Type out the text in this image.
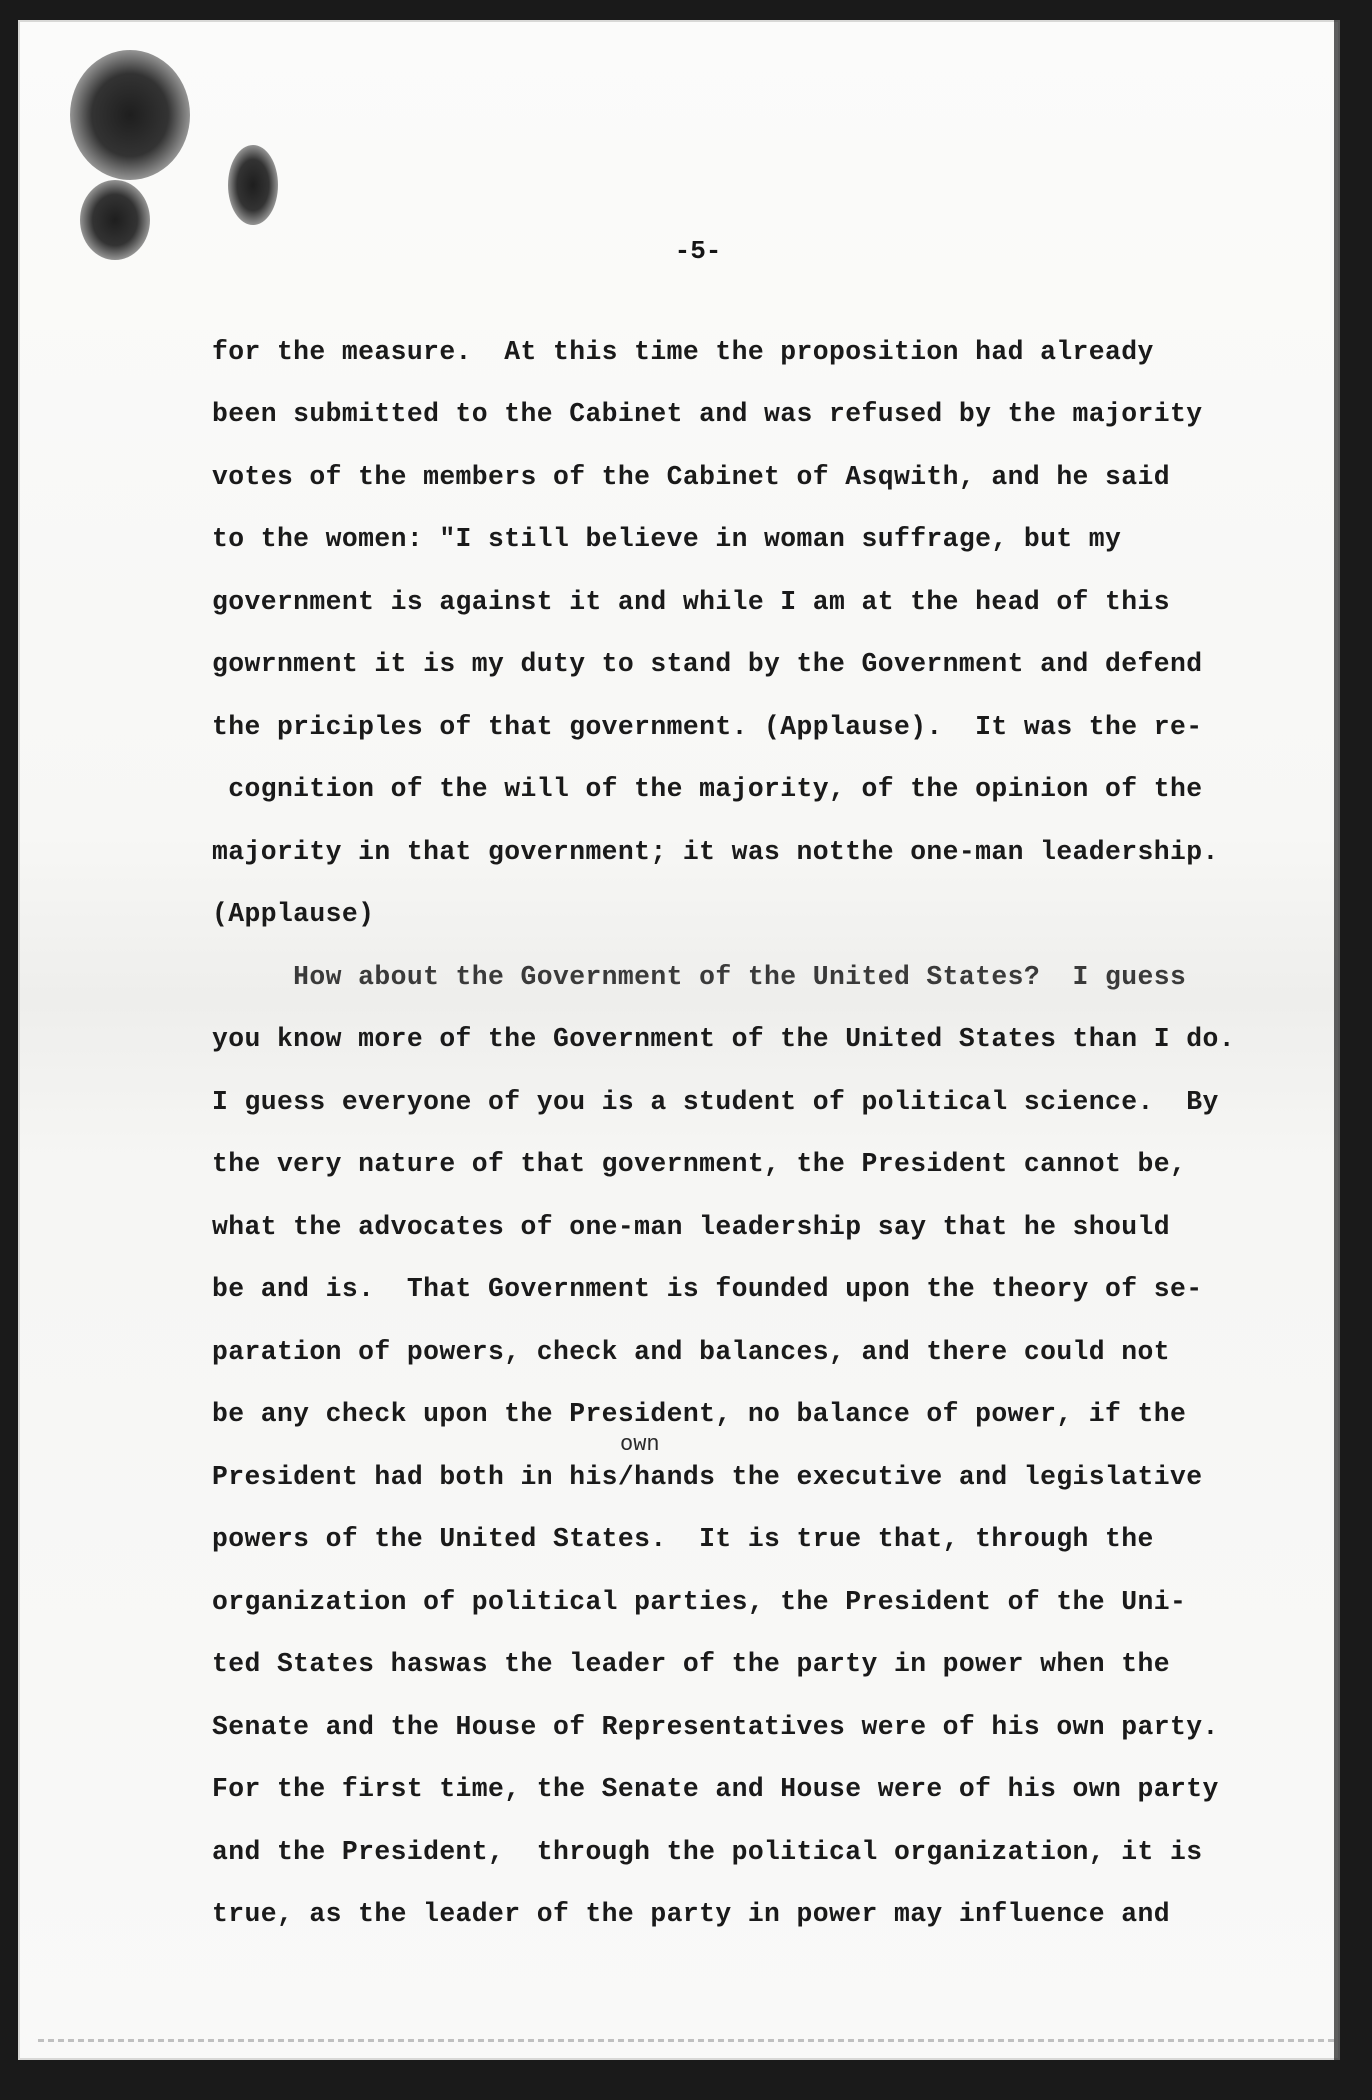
-5-
for the measure.  At this time the proposition had already
been submitted to the Cabinet and was refused by the majority
votes of the members of the Cabinet of Asqwith, and he said
to the women: "I still believe in woman suffrage, but my
government is against it and while I am at the head of this
gowrnment it is my duty to stand by the Government and defend
the priciples of that government. (Applause).  It was the re-
cognition of the will of the majority, of the opinion of the
majority in that government; it was notthe one-man leadership.
(Applause)
How about the Government of the United States?  I guess
you know more of the Government of the United States than I do.
I guess everyone of you is a student of political science.  By
the very nature of that government, the President cannot be,
what the advocates of one-man leadership say that he should
be and is.  That Government is founded upon the theory of se-
paration of powers, check and balances, and there could not
be any check upon the President, no balance of power, if the
President had both in his/hands the executive and legislative
powers of the United States.  It is true that, through the
organization of political parties, the President of the Uni-
ted States haswas the leader of the party in power when the
Senate and the House of Representatives were of his own party.
For the first time, the Senate and House were of his own party
and the President,  through the political organization, it is
true, as the leader of the party in power may influence and
own
